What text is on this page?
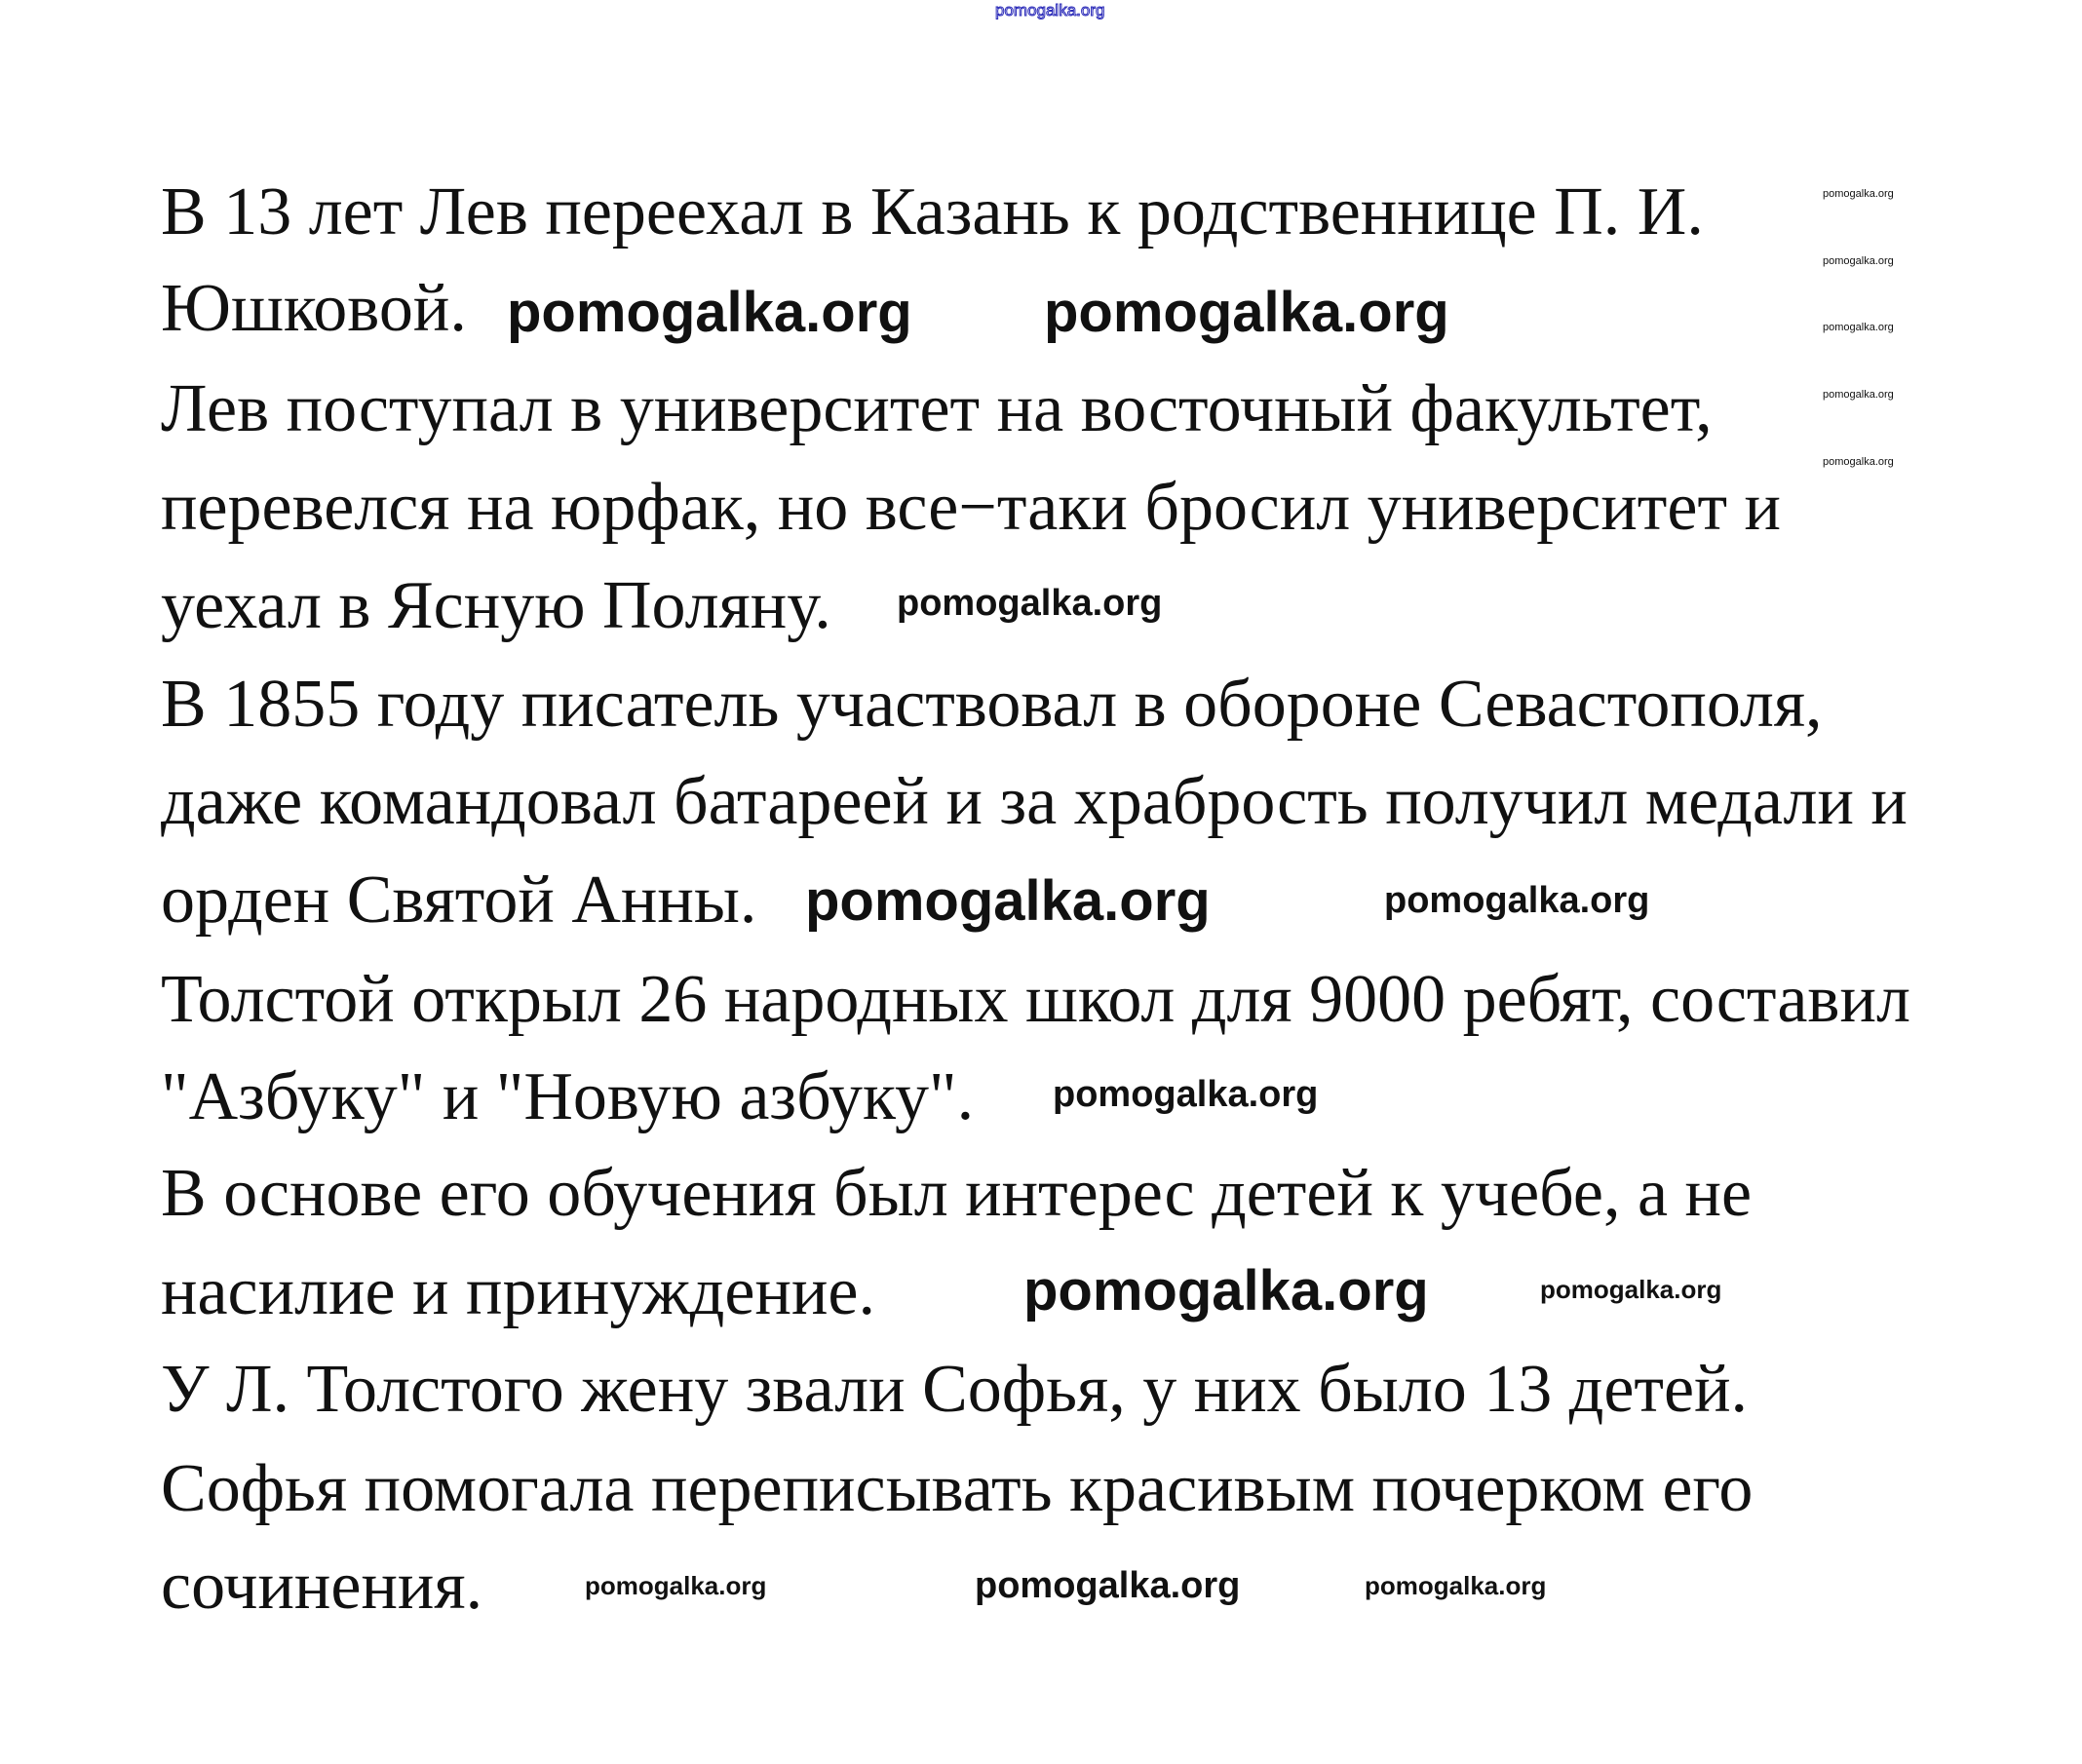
pomogalka.org
В 13 лет Лев переехал в Казань к родственнице П. И.
Юшковой.
Лев поступал в университет на восточный факультет,
перевелся на юрфак, но все−таки бросил университет и
уехал в Ясную Поляну.
В 1855 году писатель участвовал в обороне Севастополя,
даже командовал батареей и за храбрость получил медали и
орден Святой Анны.
Толстой открыл 26 народных школ для 9000 ребят, составил
"Азбуку" и "Новую азбуку".
В основе его обучения был интерес детей к учебе, а не
насилие и принуждение.
У Л. Толстого жену звали Софья, у них было 13 детей.
Софья помогала переписывать красивым почерком его
сочинения.
pomogalka.org
pomogalka.org
pomogalka.org
pomogalka.org
pomogalka.org
pomogalka.org pomogalka.org
pomogalka.org
pomogalka.org
pomogalka.org
pomogalka.org
pomogalka.org	pomogalka.org
pomogalka.org	pomogalka.org
pomogalka.org
